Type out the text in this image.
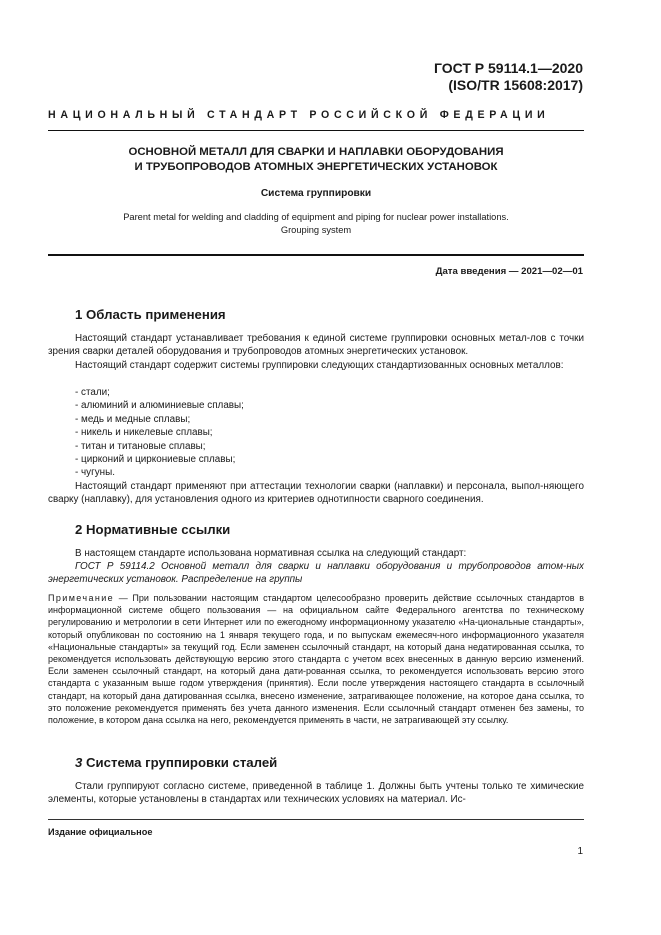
ГОСТ Р 59114.1—2020
(ISO/TR 15608:2017)
НАЦИОНАЛЬНЫЙ СТАНДАРТ РОССИЙСКОЙ ФЕДЕРАЦИИ
ОСНОВНОЙ МЕТАЛЛ ДЛЯ СВАРКИ И НАПЛАВКИ ОБОРУДОВАНИЯ
И ТРУБОПРОВОДОВ АТОМНЫХ ЭНЕРГЕТИЧЕСКИХ УСТАНОВОК
Система группировки
Parent metal for welding and cladding of equipment and piping for nuclear power installations.
Grouping system
Дата введения — 2021—02—01
1 Область применения
Настоящий стандарт устанавливает требования к единой системе группировки основных метал-лов с точки зрения сварки деталей оборудования и трубопроводов атомных энергетических установок.
Настоящий стандарт содержит системы группировки следующих стандартизованных основных металлов:
- стали;
- алюминий и алюминиевые сплавы;
- медь и медные сплавы;
- никель и никелевые сплавы;
- титан и титановые сплавы;
- цирконий и циркониевые сплавы;
- чугуны.
Настоящий стандарт применяют при аттестации технологии сварки (наплавки) и персонала, выпол-няющего сварку (наплавку), для установления одного из критериев однотипности сварного соединения.
2 Нормативные ссылки
В настоящем стандарте использована нормативная ссылка на следующий стандарт:
ГОСТ Р 59114.2 Основной металл для сварки и наплавки оборудования и трубопроводов атом-ных энергетических установок. Распределение на группы
Примечание — При пользовании настоящим стандартом целесообразно проверить действие ссылочных стандартов в информационной системе общего пользования — на официальном сайте Федерального агентства по техническому регулированию и метрологии в сети Интернет или по ежегодному информационному указателю «На-циональные стандарты», который опубликован по состоянию на 1 января текущего года, и по выпускам ежемесяч-ного информационного указателя «Национальные стандарты» за текущий год. Если заменен ссылочный стандарт, на который дана недатированная ссылка, то рекомендуется использовать действующую версию этого стандарта с учетом всех внесенных в данную версию изменений. Если заменен ссылочный стандарт, на который дана дати-рованная ссылка, то рекомендуется использовать версию этого стандарта с указанным выше годом утверждения (принятия). Если после утверждения настоящего стандарта в ссылочный стандарт, на который дана датированная ссылка, внесено изменение, затрагивающее положение, на которое дана ссылка, то это положение рекомендуется применять без учета данного изменения. Если ссылочный стандарт отменен без замены, то положение, в котором дана ссылка на него, рекомендуется применять в части, не затрагивающей эту ссылку.
3 Система группировки сталей
Стали группируют согласно системе, приведенной в таблице 1. Должны быть учтены только те химические элементы, которые установлены в стандартах или технических условиях на материал. Ис-
Издание официальное
1
